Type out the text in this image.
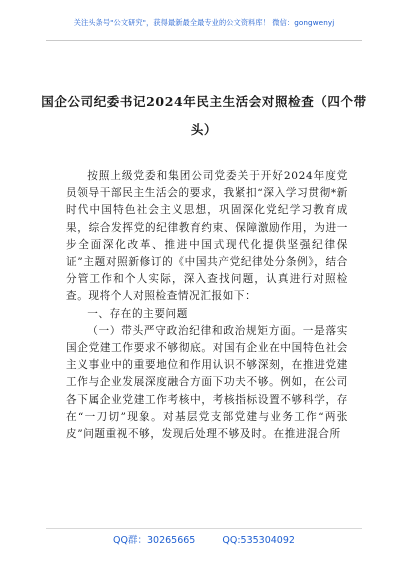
关注头条号"公文研究"，获得最新最全最专业的公文资料库！ 微信：gongwenyj
国企公司纪委书记2024年民主生活会对照检查（四个带
头）

按照上级党委和集团公司党委关于开好2024年度党员领导干部民主生活会的要求，我紧扣“深入学习贯彻*新时代中国特色社会主义思想，巩固深化党纪学习教育成果，综合发挥党的纪律教育约束、保障激励作用，为进一步全面深化改革、推进中国式现代化提供坚强纪律保证”主题对照新修订的《中国共产党纪律处分条例》，结合分管工作和个人实际，深入查找问题，认真进行对照检查。现将个人对照检查情况汇报如下：

一、存在的主要问题

（一）带头严守政治纪律和政治规矩方面。一是落实国企党建工作要求不够彻底。对国有企业在中国特色社会主义事业中的重要地位和作用认识不够深刻，在推进党建工作与企业发展深度融合方面下功夫不够。例如，在公司各下属企业党建工作考核中，考核指标设置不够科学，存在“一刀切”现象。对基层党支部党建与业务工作“两张皮”问题重视不够，发现后处理不够及时。在推进混合所

QQ群：30265665	QQ:535304092
